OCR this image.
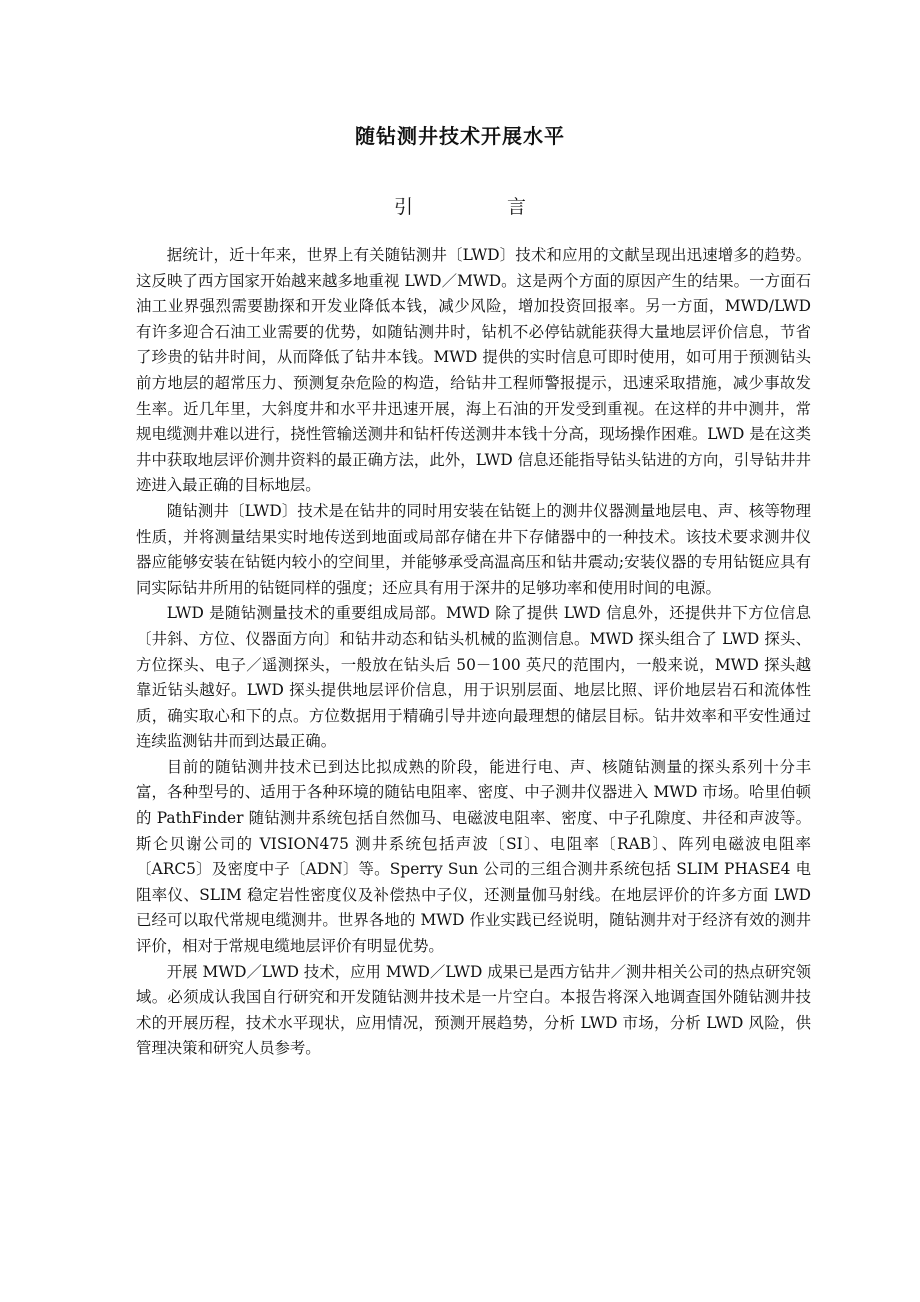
随钻测井技术开展水平
引 言

据统计，近十年来，世界上有关随钻测井〔LWD〕技术和应用的文献呈现出迅速增多的趋势。这反映了西方国家开始越来越多地重视 LWD／MWD。这是两个方面的原因产生的结果。一方面石油工业界强烈需要勘探和开发业降低本钱，减少风险，增加投资回报率。另一方面，MWD/LWD 有许多迎合石油工业需要的优势，如随钻测井时，钻机不必停钻就能获得大量地层评价信息，节省了珍贵的钻井时间，从而降低了钻井本钱。MWD 提供的实时信息可即时使用，如可用于预测钻头前方地层的超常压力、预测复杂危险的构造，给钻井工程师警报提示，迅速采取措施，减少事故发生率。近几年里，大斜度井和水平井迅速开展，海上石油的开发受到重视。在这样的井中测井，常规电缆测井难以进行，挠性管输送测井和钻杆传送测井本钱十分高，现场操作困难。LWD 是在这类井中获取地层评价测井资料的最正确方法，此外，LWD 信息还能指导钻头钻进的方向，引导钻井井迹进入最正确的目标地层。

随钻测井〔LWD〕技术是在钻井的同时用安装在钻铤上的测井仪器测量地层电、声、核等物理性质，并将测量结果实时地传送到地面或局部存储在井下存储器中的一种技术。该技术要求测井仪器应能够安装在钻铤内较小的空间里，并能够承受高温高压和钻井震动;安装仪器的专用钻铤应具有同实际钻井所用的钻铤同样的强度；还应具有用于深井的足够功率和使用时间的电源。

LWD 是随钻测量技术的重要组成局部。MWD 除了提供 LWD 信息外，还提供井下方位信息〔井斜、方位、仪器面方向〕和钻井动态和钻头机械的监测信息。MWD 探头组合了 LWD 探头、方位探头、电子／遥测探头，一般放在钻头后 50－100 英尺的范围内，一般来说，MWD 探头越靠近钻头越好。LWD 探头提供地层评价信息，用于识别层面、地层比照、评价地层岩石和流体性质，确实取心和下的点。方位数据用于精确引导井迹向最理想的储层目标。钻井效率和平安性通过连续监测钻井而到达最正确。

目前的随钻测井技术已到达比拟成熟的阶段，能进行电、声、核随钻测量的探头系列十分丰富，各种型号的、适用于各种环境的随钻电阻率、密度、中子测井仪器进入 MWD 市场。哈里伯顿的 PathFinder 随钻测井系统包括自然伽马、电磁波电阻率、密度、中子孔隙度、井径和声波等。斯仑贝谢公司的 VISION475 测井系统包括声波〔SI〕、电阻率〔RAB〕、阵列电磁波电阻率〔ARC5〕及密度中子〔ADN〕等。Sperry Sun 公司的三组合测井系统包括 SLIM PHASE4 电阻率仪、SLIM 稳定岩性密度仪及补偿热中子仪，还测量伽马射线。在地层评价的许多方面 LWD 已经可以取代常规电缆测井。世界各地的 MWD 作业实践已经说明，随钻测井对于经济有效的测井评价，相对于常规电缆地层评价有明显优势。

开展 MWD／LWD 技术，应用 MWD／LWD 成果已是西方钻井／测井相关公司的热点研究领域。必须成认我国自行研究和开发随钻测井技术是一片空白。本报告将深入地调查国外随钻测井技术的开展历程，技术水平现状，应用情况，预测开展趋势，分析 LWD 市场，分析 LWD 风险，供管理决策和研究人员参考。
